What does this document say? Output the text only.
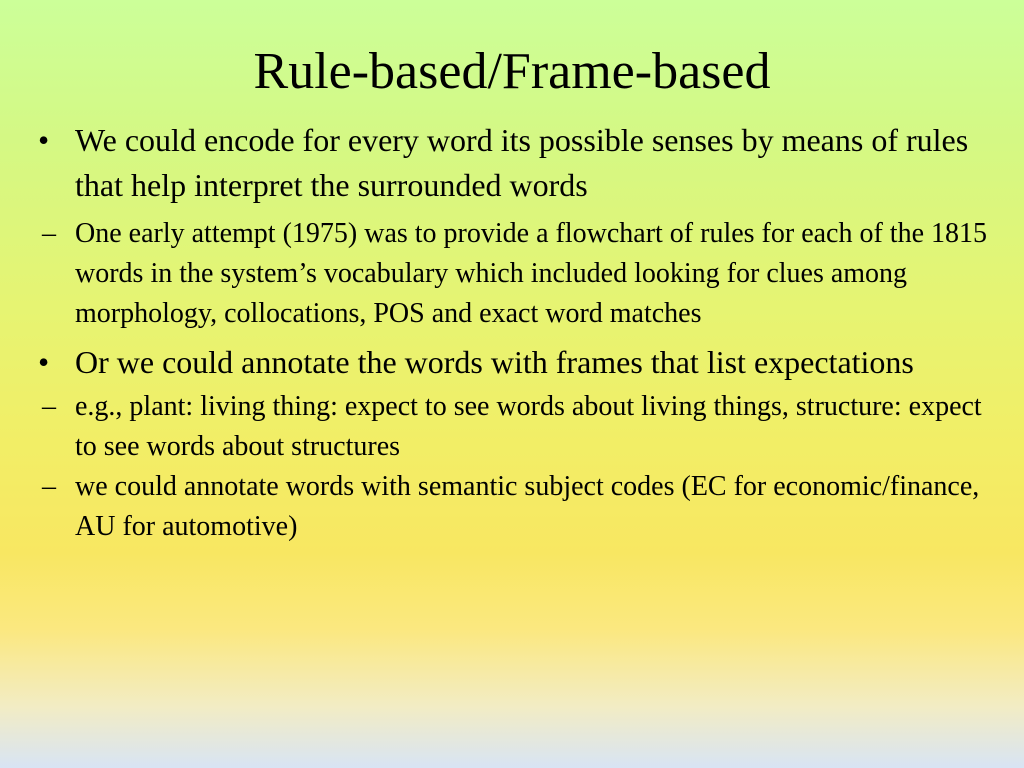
Rule-based/Frame-based
• We could encode for every word its possible senses by means of rules that help interpret the surrounded words
– One early attempt (1975) was to provide a flowchart of rules for each of the 1815 words in the system’s vocabulary which included looking for clues among morphology, collocations, POS and exact word matches
• Or we could annotate the words with frames that list expectations
– e.g., plant: living thing: expect to see words about living things, structure: expect to see words about structures
– we could annotate words with semantic subject codes (EC for economic/finance, AU for automotive)
